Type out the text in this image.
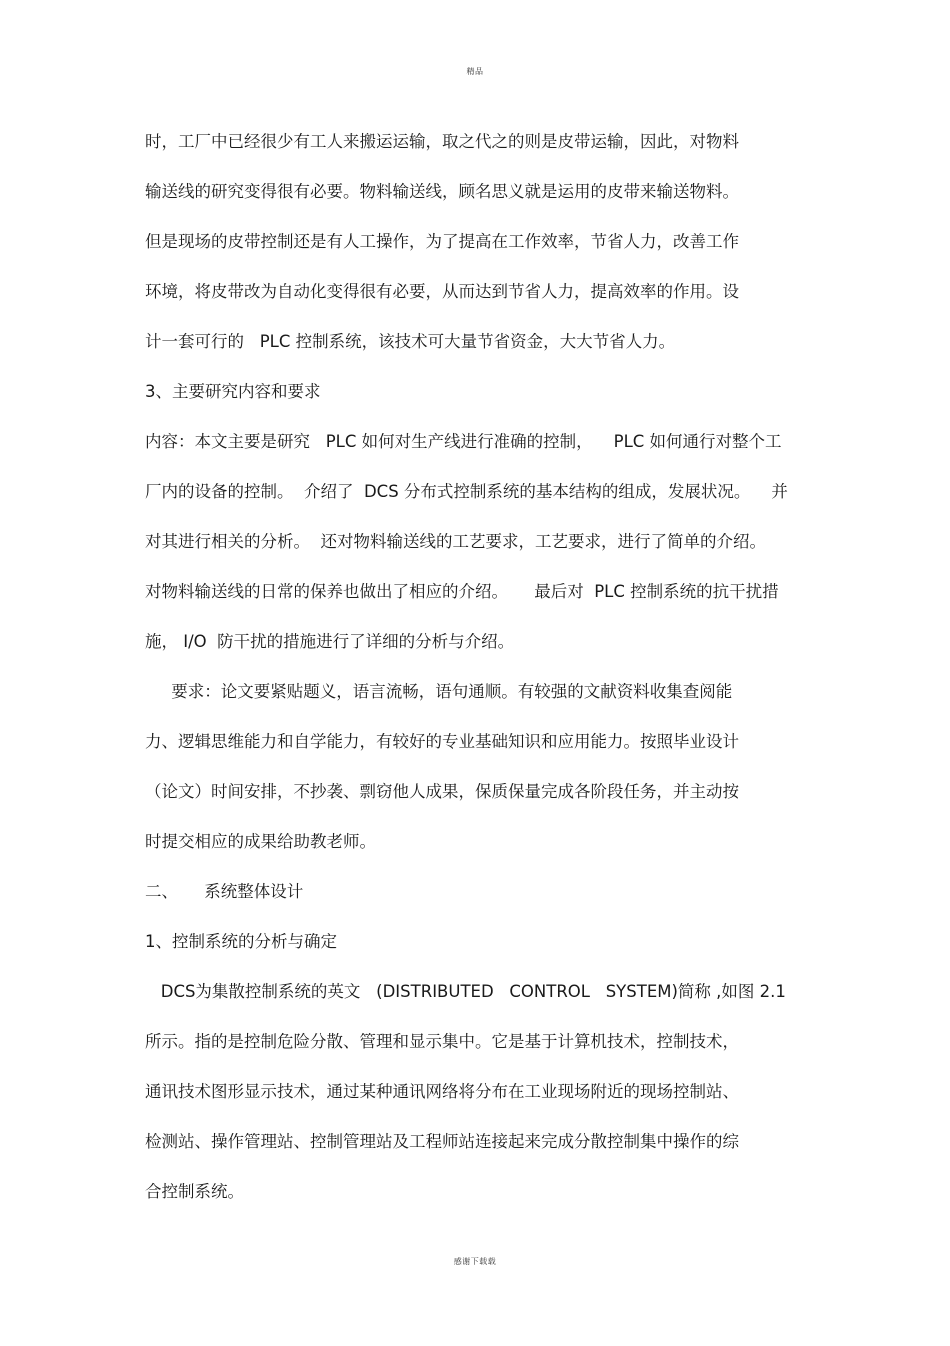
精品
时，工厂中已经很少有工人来搬运运输，取之代之的则是皮带运输，因此，对物料
输送线的研究变得很有必要。物料输送线，顾名思义就是运用的皮带来输送物料。
但是现场的皮带控制还是有人工操作，为了提高在工作效率，节省人力，改善工作
环境，将皮带改为自动化变得很有必要，从而达到节省人力，提高效率的作用。设
计一套可行的   PLC 控制系统，该技术可大量节省资金，大大节省人力。
3、主要研究内容和要求
内容：本文主要是研究   PLC 如何对生产线进行准确的控制，    PLC 如何通行对整个工
厂内的设备的控制。  介绍了  DCS 分布式控制系统的基本结构的组成，发展状况。    并
对其进行相关的分析。  还对物料输送线的工艺要求，工艺要求，进行了简单的介绍。
对物料输送线的日常的保养也做出了相应的介绍。     最后对  PLC 控制系统的抗干扰措
施， I/O  防干扰的措施进行了详细的分析与介绍。
要求：论文要紧贴题义，语言流畅，语句通顺。有较强的文献资料收集查阅能
力、逻辑思维能力和自学能力，有较好的专业基础知识和应用能力。按照毕业设计
（论文）时间安排，不抄袭、剽窃他人成果，保质保量完成各阶段任务，并主动按
时提交相应的成果给助教老师。
二、     系统整体设计
1、控制系统的分析与确定
DCS为集散控制系统的英文   (DISTRIBUTED   CONTROL   SYSTEM)简称 ,如图 2.1
所示。指的是控制危险分散、管理和显示集中。它是基于计算机技术，控制技术，
通讯技术图形显示技术，通过某种通讯网络将分布在工业现场附近的现场控制站、
检测站、操作管理站、控制管理站及工程师站连接起来完成分散控制集中操作的综
合控制系统。
感谢下载载
